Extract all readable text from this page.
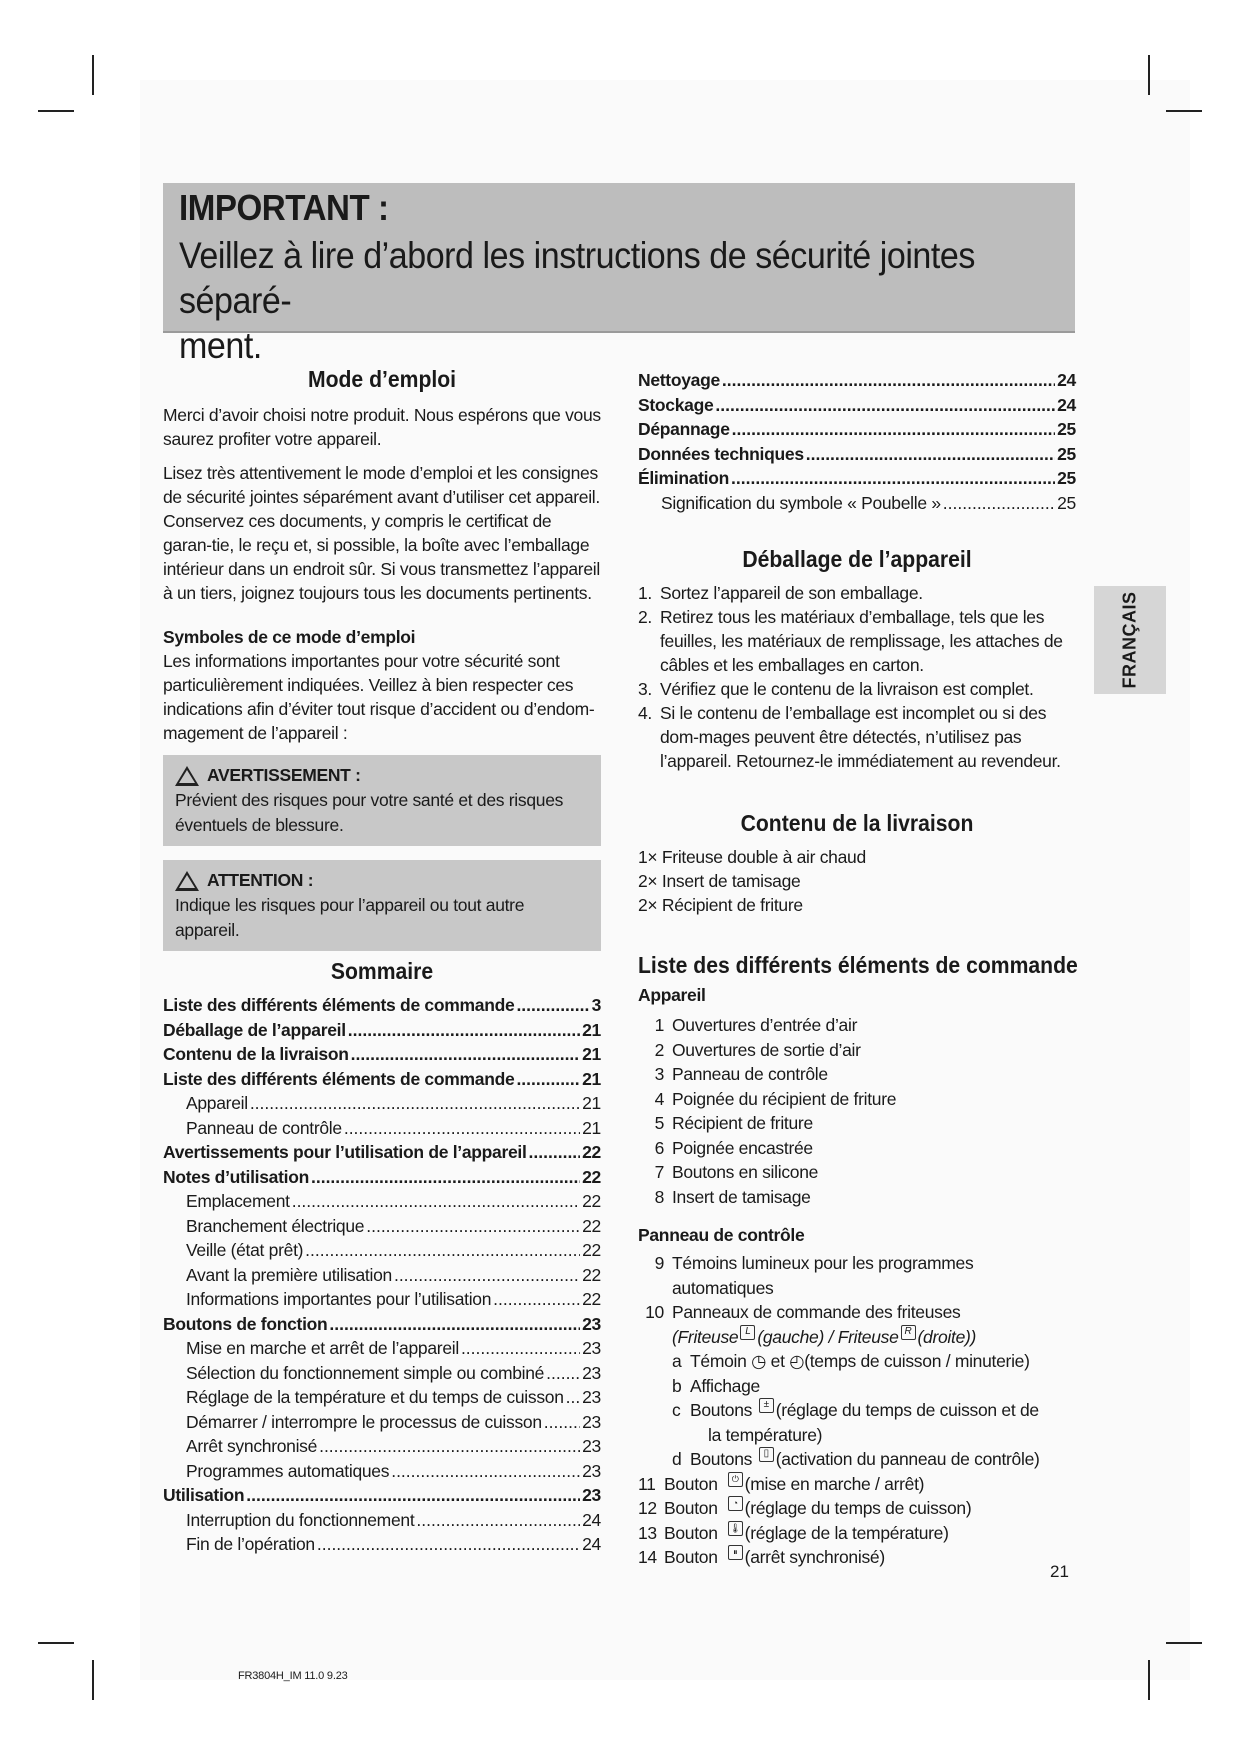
IMPORTANT :
Veillez à lire d’abord les instructions de sécurité jointes séparé-
ment.
Mode d’emploi

Merci d’avoir choisi notre produit. Nous espérons que vous saurez profiter votre appareil.

Lisez très attentivement le mode d’emploi et les consignes de sécurité jointes séparément avant d’utiliser cet appareil. Conservez ces documents, y compris le certificat de garan-tie, le reçu et, si possible, la boîte avec l’emballage intérieur dans un endroit sûr. Si vous transmettez l’appareil à un tiers, joignez toujours tous les documents pertinents.

Symboles de ce mode d’emploi

Les informations importantes pour votre sécurité sont particulièrement indiquées. Veillez à bien respecter ces indications afin d’éviter tout risque d’accident ou d’endom-magement de l’appareil :

AVERTISSEMENT :
Prévient des risques pour votre santé et des risques éventuels de blessure.
ATTENTION :
Indique les risques pour l’appareil ou tout autre appareil.
Sommaire
Liste des différents éléments de commande .....	3
Déballage de l’appareil .....	21
Contenu de la livraison .....	21
Liste des différents éléments de commande .....	21
Appareil .....	21
Panneau de contrôle .....	21
Avertissements pour l’utilisation de l’appareil .....	22
Notes d’utilisation .....	22
Emplacement .....	22
Branchement électrique .....	22
Veille (état prêt) .....	22
Avant la première utilisation .....	22
Informations importantes pour l’utilisation .....	22
Boutons de fonction .....	23
Mise en marche et arrêt de l’appareil .....	23
Sélection du fonctionnement simple ou combiné ..... 23
Réglage de la température et du temps de cuisson ..... 23
Démarrer / interrompre le processus de cuisson ..... 23
Arrêt synchronisé .....	23
Programmes automatiques .....	23
Utilisation .....	23
Interruption du fonctionnement .....	24
Fin de l’opération .....	24
Nettoyage .....	24
Stockage .....	24
Dépannage .....	25
Données techniques .....	25
Élimination .....	25
Signification du symbole « Poubelle » .....	25
Déballage de l’appareil
1. Sortez l’appareil de son emballage.
2. Retirez tous les matériaux d’emballage, tels que les feuilles, les matériaux de remplissage, les attaches de câbles et les emballages en carton.
3. Vérifiez que le contenu de la livraison est complet.
4. Si le contenu de l’emballage est incomplet ou si des dom-mages peuvent être détectés, n’utilisez pas l’appareil. Retournez-le immédiatement au revendeur.
Contenu de la livraison
1× Friteuse double à air chaud
2× Insert de tamisage
2× Récipient de friture
Liste des différents éléments de commande
Appareil
1 Ouvertures d’entrée d’air
2 Ouvertures de sortie d’air
3 Panneau de contrôle
4 Poignée du récipient de friture
5 Récipient de friture
6 Poignée encastrée
7 Boutons en silicone
8 Insert de tamisage
Panneau de contrôle
9 Témoins lumineux pour les programmes automatiques
10 Panneaux de commande des friteuses
(Friteuse L (gauche) / Friteuse R (droite))
a Témoin
◷
et
◴ (temps de cuisson / minuterie)
b Affichage
c Boutons
	± (réglage du temps de cuisson et de
la température)
d Boutons
	▯ (activation du panneau de contrôle)
11 Bouton	⏻ (mise en marche / arrêt)
12 Bouton	◔ (réglage du temps de cuisson)
13 Bouton 🌡 (réglage de la température)
14 Bouton	⏸ (arrêt synchronisé)
FRANÇAIS
21
FR3804H_IM 11.0 9.23
